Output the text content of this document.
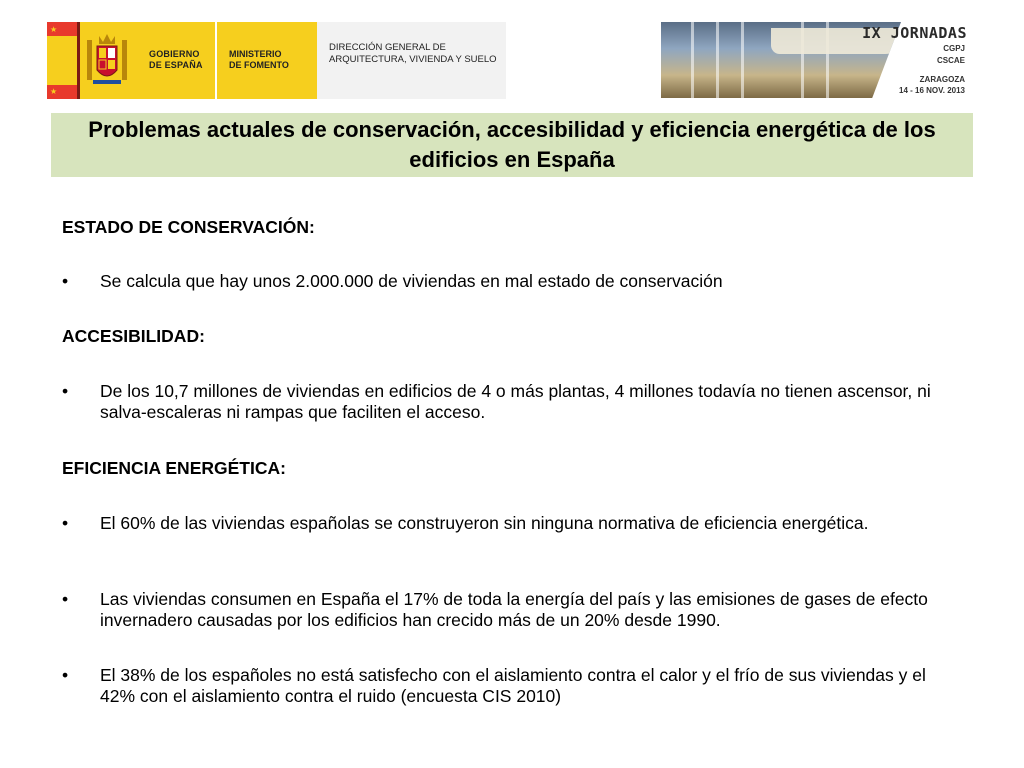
★
★
GOBIERNO
DE ESPAÑA
MINISTERIO
DE FOMENTO
DIRECCIÓN GENERAL DE ARQUITECTURA, VIVIENDA Y SUELO
IX JORNADAS
CGPJ
CSCAE
ZARAGOZA
14 - 16 NOV. 2013
Problemas actuales de conservación, accesibilidad y eficiencia energética de los edificios en España
ESTADO DE CONSERVACIÓN:
•	Se calcula que hay unos 2.000.000 de viviendas en mal estado de conservación
ACCESIBILIDAD:
•	De los 10,7 millones de viviendas en edificios de 4 o más plantas, 4 millones todavía no tienen ascensor, ni salva-escaleras ni rampas que faciliten el acceso.
EFICIENCIA ENERGÉTICA:
•	El 60% de las viviendas españolas se construyeron sin ninguna normativa de eficiencia energética.
•	Las viviendas consumen en España el 17% de toda la energía del país y las emisiones de gases de efecto invernadero causadas por los edificios han crecido más de un 20% desde 1990.
•	El 38% de los españoles no está satisfecho con el aislamiento contra el calor y el frío de sus viviendas y el 42% con el aislamiento contra el ruido (encuesta CIS 2010)
